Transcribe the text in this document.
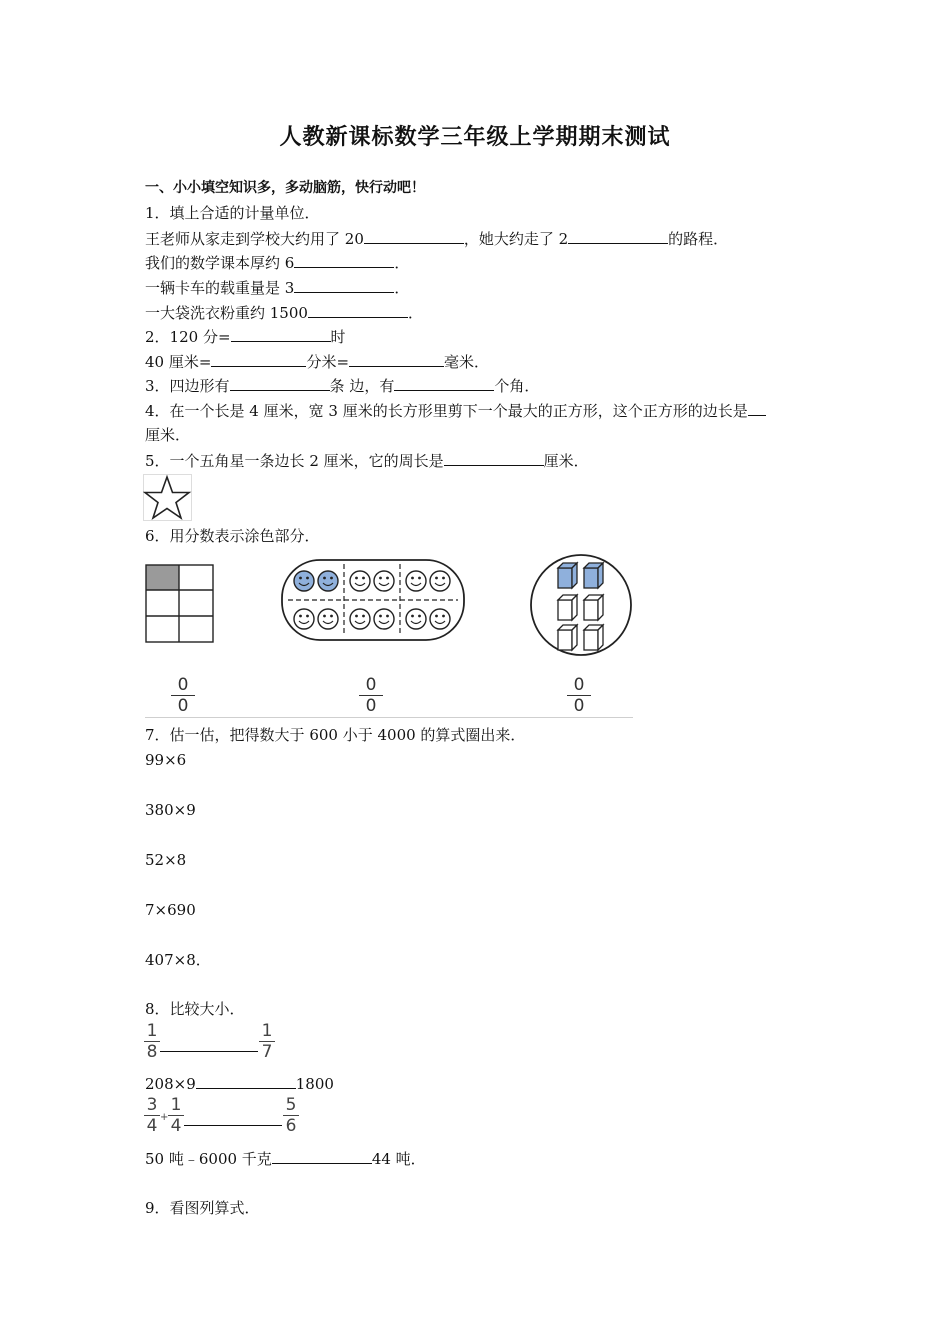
人教新课标数学三年级上学期期末测试
一、小小填空知识多，多动脑筋，快行动吧！
1．填上合适的计量单位．
王老师从家走到学校大约用了 20	，她大约走了 2	的路程．
我们的数学课本厚约 6	．
一辆卡车的载重量是 3	．
一大袋洗衣粉重约 1500	．
2．120 分=	时
40 厘米=	分米=	毫米．
3．四边形有	条 边，有	个角．
4．在一个长是 4 厘米，宽 3 厘米的长方形里剪下一个最大的正方形，这个正方形的边长是
厘米．
5．一个五角星一条边长 2 厘米，它的周长是	厘米．
6．用分数表示涂色部分．
0
0
0
0
0
0
7．估一估，把得数大于 600 小于 4000 的算式圈出来．
99×6
380×9
52×8
7×690
407×8．
8．比较大小．
1
8
1
7
208×9	1800
3
4 +
1
4
5
6
50 吨﹣6000 千克	44 吨．
9．看图列算式．
